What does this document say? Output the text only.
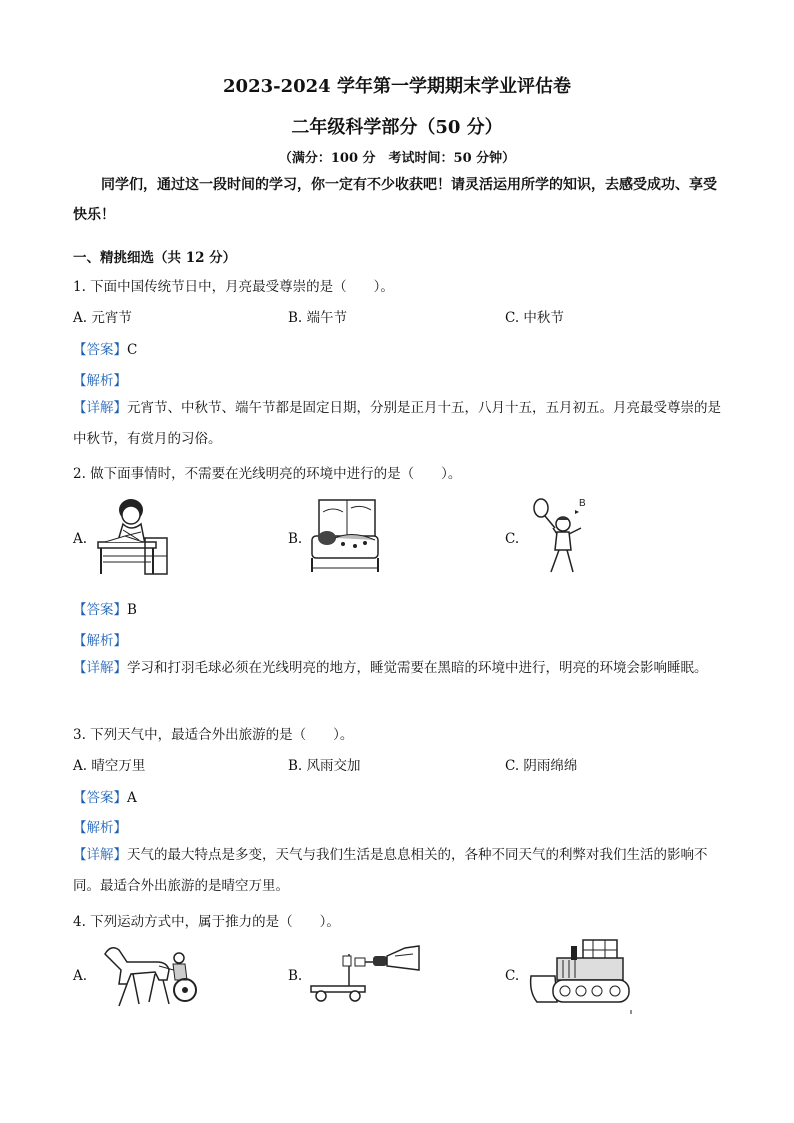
2023-2024 学年第一学期期末学业评估卷
二年级科学部分（50 分）
（满分：100 分　考试时间：50 分钟）
同学们，通过这一段时间的学习，你一定有不少收获吧！请灵活运用所学的知识，去感受成功、享受快乐！
一、精挑细选（共 12 分）
1. 下面中国传统节日中，月亮最受尊崇的是（　　）。
A. 元宵节	B. 端午节	C. 中秋节
【答案】C
【解析】
【详解】元宵节、中秋节、端午节都是固定日期，分别是正月十五，八月十五，五月初五。月亮最受尊崇的是中秋节，有赏月的习俗。
2. 做下面事情时，不需要在光线明亮的环境中进行的是（　　）。
A.	B.	C.
B
【答案】B
【解析】
【详解】学习和打羽毛球必须在光线明亮的地方，睡觉需要在黑暗的环境中进行，明亮的环境会影响睡眠。
3. 下列天气中，最适合外出旅游的是（　　）。
A. 晴空万里	B. 风雨交加	C. 阴雨绵绵
【答案】A
【解析】
【详解】天气的最大特点是多变，天气与我们生活是息息相关的，各种不同天气的利弊对我们生活的影响不同。最适合外出旅游的是晴空万里。
4. 下列运动方式中，属于推力的是（　　）。
A.	B.	C.
